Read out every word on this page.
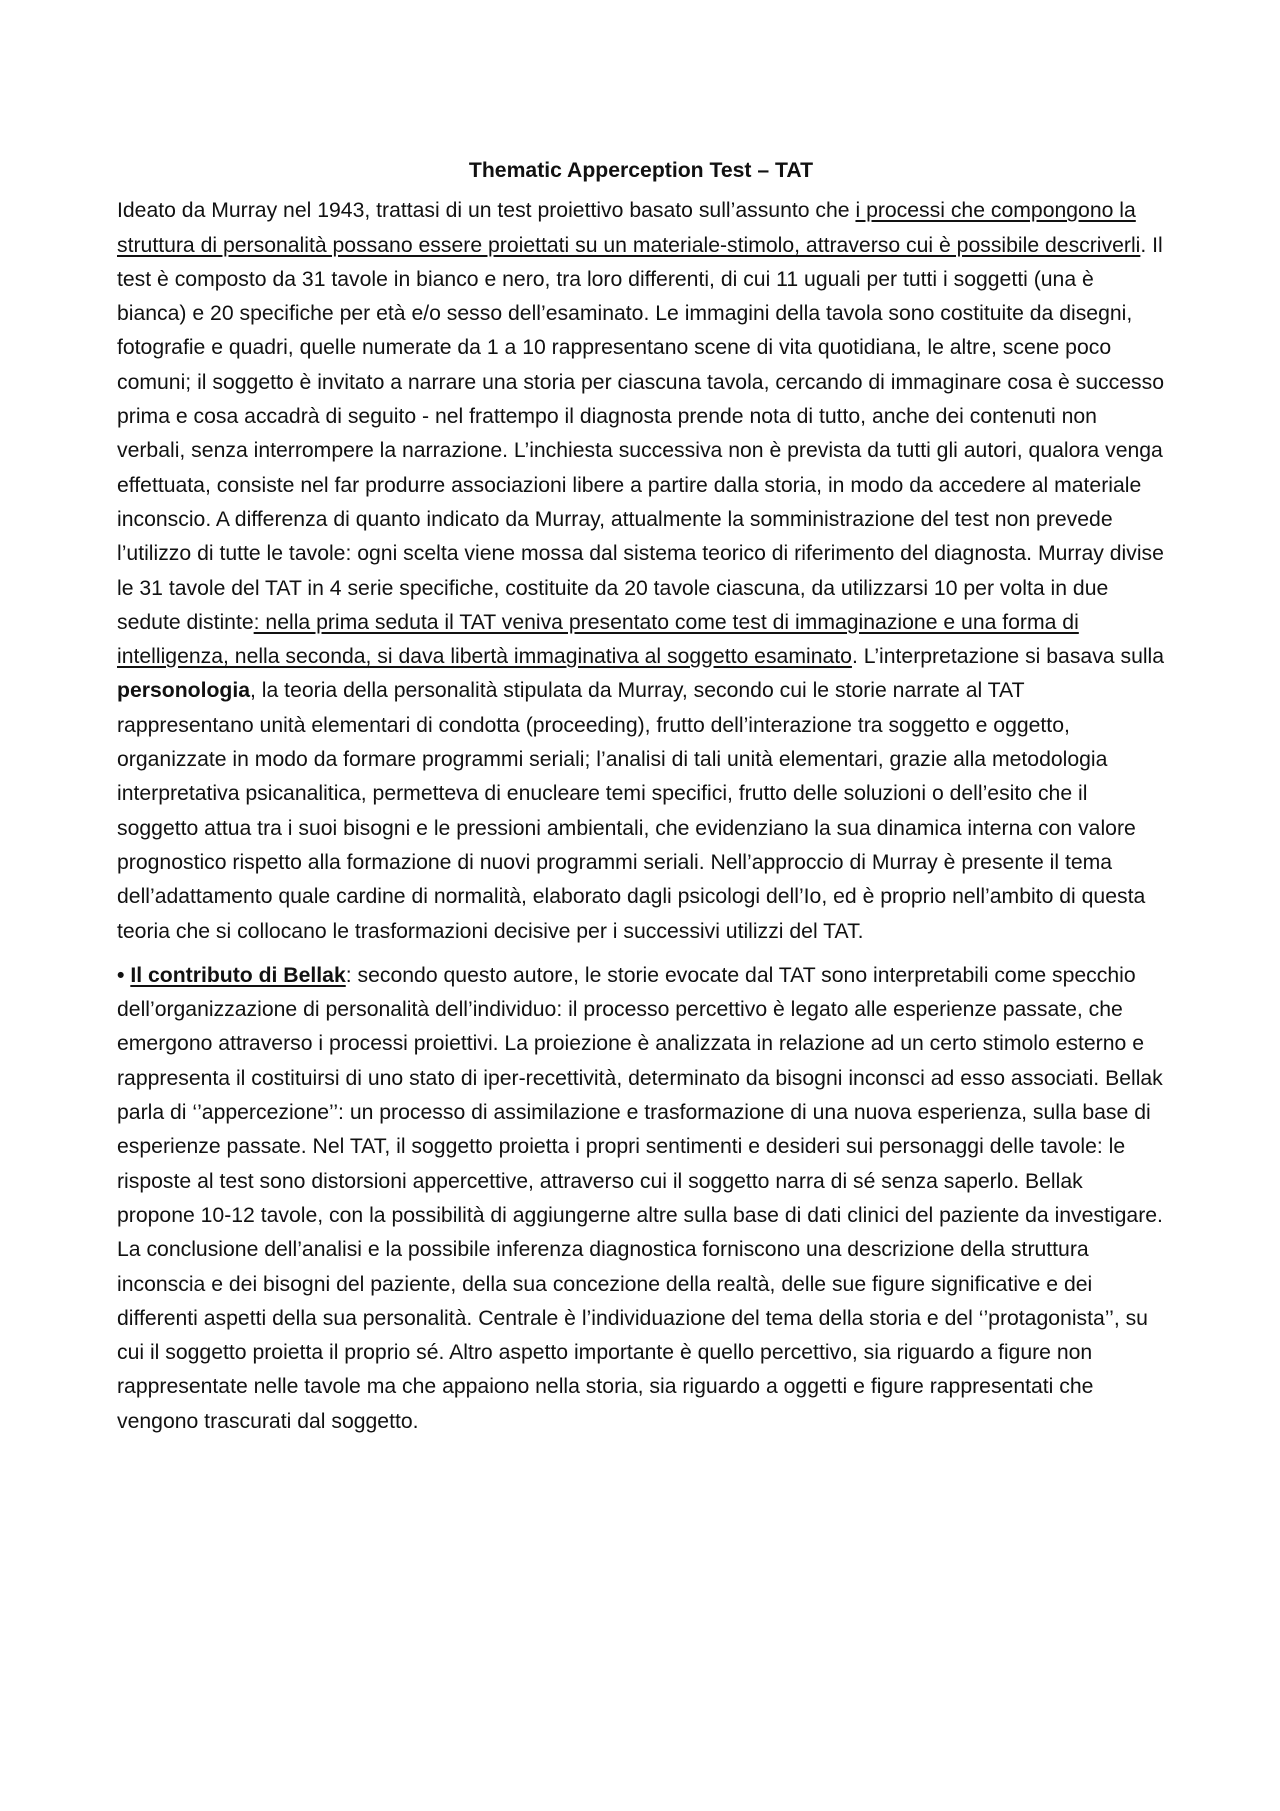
Thematic Apperception Test – TAT

Ideato da Murray nel 1943, trattasi di un test proiettivo basato sull’assunto che i processi che compongono la struttura di personalità possano essere proiettati su un materiale-stimolo, attraverso cui è possibile descriverli. Il test è composto da 31 tavole in bianco e nero, tra loro differenti, di cui 11 uguali per tutti i soggetti (una è bianca) e 20 specifiche per età e/o sesso dell’esaminato. Le immagini della tavola sono costituite da disegni, fotografie e quadri, quelle numerate da 1 a 10 rappresentano scene di vita quotidiana, le altre, scene poco comuni; il soggetto è invitato a narrare una storia per ciascuna tavola, cercando di immaginare cosa è successo prima e cosa accadrà di seguito - nel frattempo il diagnosta prende nota di tutto, anche dei contenuti non verbali, senza interrompere la narrazione. L’inchiesta successiva non è prevista da tutti gli autori, qualora venga effettuata, consiste nel far produrre associazioni libere a partire dalla storia, in modo da accedere al materiale inconscio. A differenza di quanto indicato da Murray, attualmente la somministrazione del test non prevede l’utilizzo di tutte le tavole: ogni scelta viene mossa dal sistema teorico di riferimento del diagnosta. Murray divise le 31 tavole del TAT in 4 serie specifiche, costituite da 20 tavole ciascuna, da utilizzarsi 10 per volta in due sedute distinte: nella prima seduta il TAT veniva presentato come test di immaginazione e una forma di intelligenza, nella seconda, si dava libertà immaginativa al soggetto esaminato. L’interpretazione si basava sulla personologia, la teoria della personalità stipulata da Murray, secondo cui le storie narrate al TAT rappresentano unità elementari di condotta (proceeding), frutto dell’interazione tra soggetto e oggetto, organizzate in modo da formare programmi seriali; l’analisi di tali unità elementari, grazie alla metodologia interpretativa psicanalitica, permetteva di enucleare temi specifici, frutto delle soluzioni o dell’esito che il soggetto attua tra i suoi bisogni e le pressioni ambientali, che evidenziano la sua dinamica interna con valore prognostico rispetto alla formazione di nuovi programmi seriali. Nell’approccio di Murray è presente il tema dell’adattamento quale cardine di normalità, elaborato dagli psicologi dell’Io, ed è proprio nell’ambito di questa teoria che si collocano le trasformazioni decisive per i successivi utilizzi del TAT.

• Il contributo di Bellak: secondo questo autore, le storie evocate dal TAT sono interpretabili come specchio dell’organizzazione di personalità dell’individuo: il processo percettivo è legato alle esperienze passate, che emergono attraverso i processi proiettivi. La proiezione è analizzata in relazione ad un certo stimolo esterno e rappresenta il costituirsi di uno stato di iper-recettività, determinato da bisogni inconsci ad esso associati. Bellak parla di ‘’appercezione’’: un processo di assimilazione e trasformazione di una nuova esperienza, sulla base di esperienze passate. Nel TAT, il soggetto proietta i propri sentimenti e desideri sui personaggi delle tavole: le risposte al test sono distorsioni appercettive, attraverso cui il soggetto narra di sé senza saperlo. Bellak propone 10-12 tavole, con la possibilità di aggiungerne altre sulla base di dati clinici del paziente da investigare. La conclusione dell’analisi e la possibile inferenza diagnostica forniscono una descrizione della struttura inconscia e dei bisogni del paziente, della sua concezione della realtà, delle sue figure significative e dei differenti aspetti della sua personalità. Centrale è l’individuazione del tema della storia e del ‘’protagonista’’, su cui il soggetto proietta il proprio sé. Altro aspetto importante è quello percettivo, sia riguardo a figure non rappresentate nelle tavole ma che appaiono nella storia, sia riguardo a oggetti e figure rappresentati che vengono trascurati dal soggetto.
